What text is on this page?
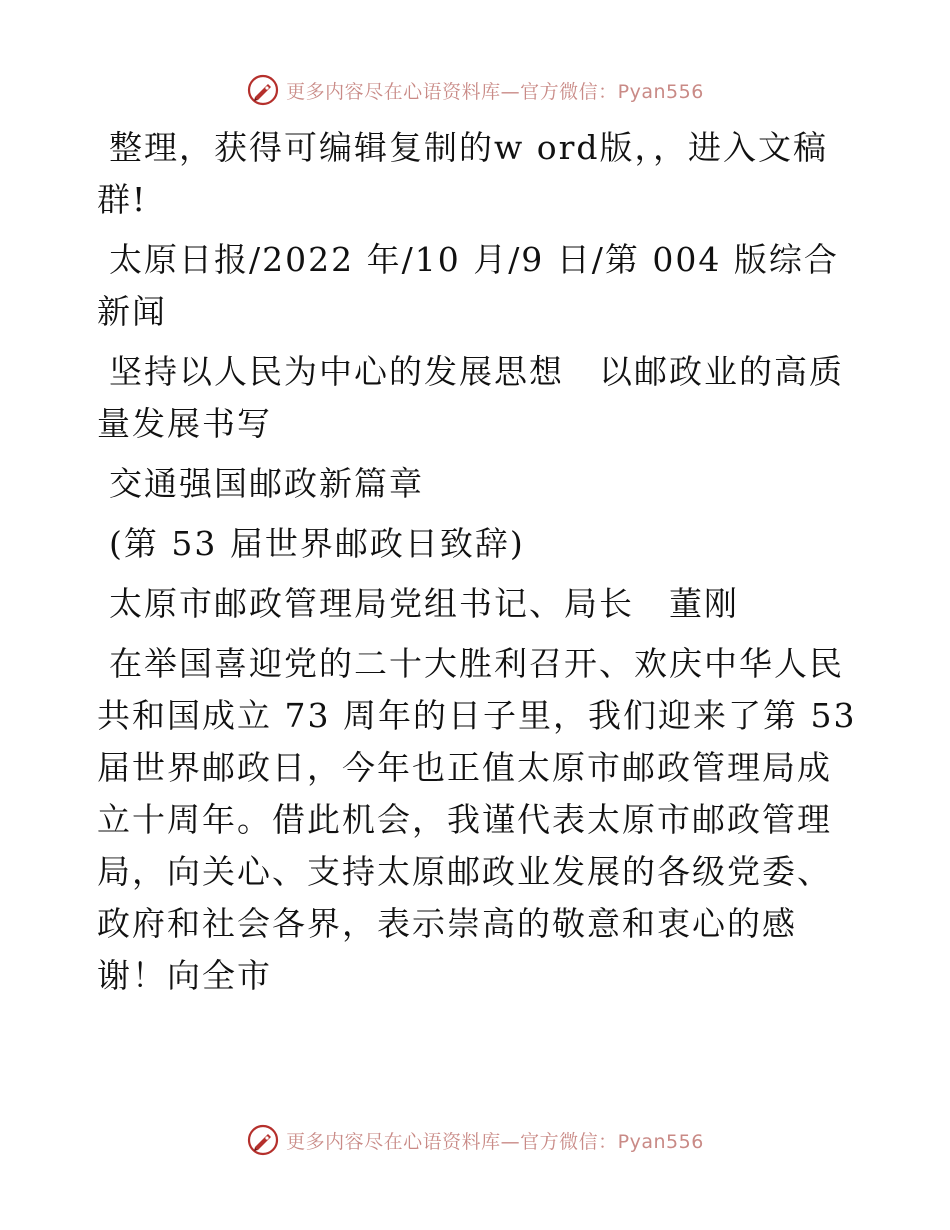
更多内容尽在心语资料库—官方微信：Pyan556

整理，获得可编辑复制的w ord版，，进入文稿群!

太原日报/2022 年/10 月/9 日/第 004 版综合新闻

坚持以人民为中心的发展思想　以邮政业的高质量发展书写

交通强国邮政新篇章

(第 53 届世界邮政日致辞)

太原市邮政管理局党组书记、局长　董刚

在举国喜迎党的二十大胜利召开、欢庆中华人民共和国成立 73 周年的日子里，我们迎来了第 53 届世界邮政日，今年也正值太原市邮政管理局成立十周年。借此机会，我谨代表太原市邮政管理局，向关心、支持太原邮政业发展的各级党委、政府和社会各界，表示崇高的敬意和衷心的感谢！向全市

更多内容尽在心语资料库—官方微信：Pyan556
